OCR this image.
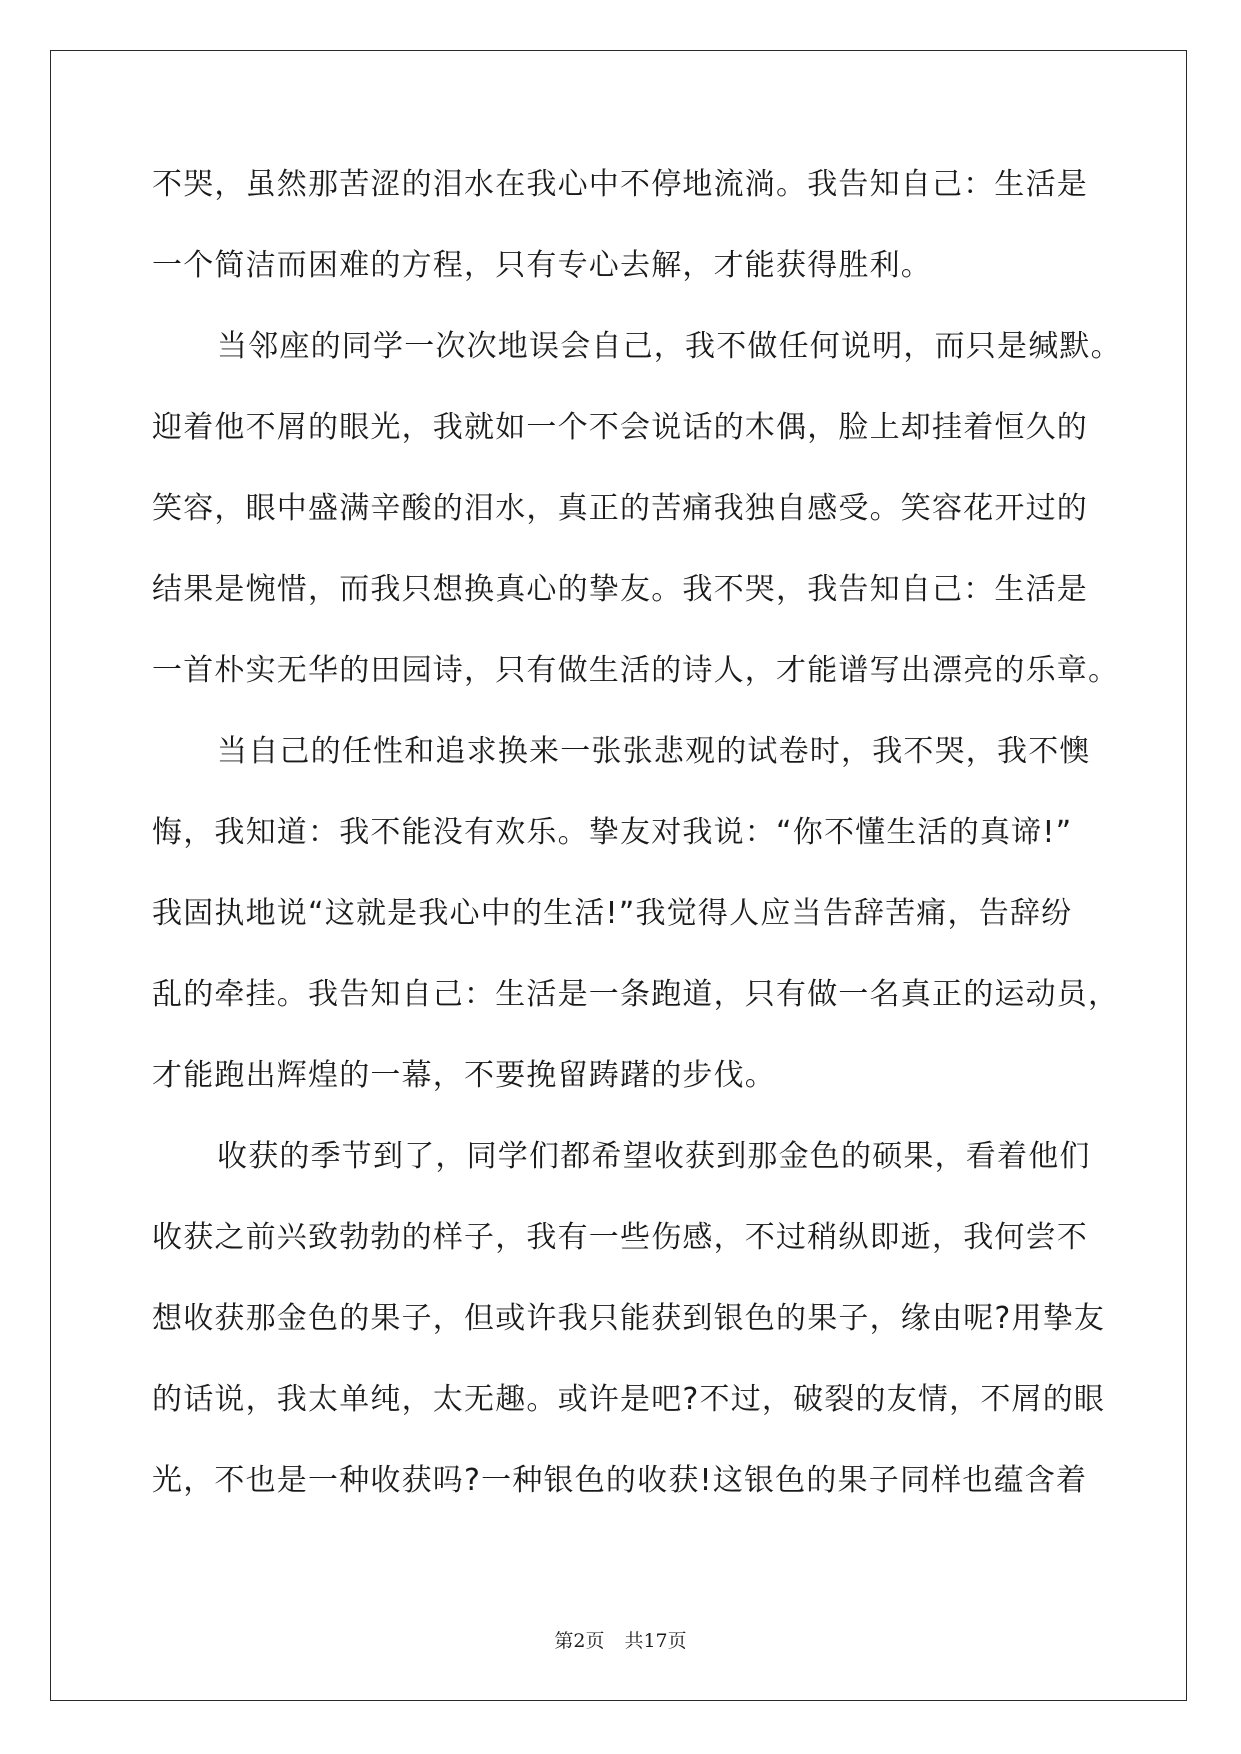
不哭，虽然那苦涩的泪水在我心中不停地流淌。我告知自己：生活是
一个简洁而困难的方程，只有专心去解，才能获得胜利。
当邻座的同学一次次地误会自己，我不做任何说明，而只是缄默。
迎着他不屑的眼光，我就如一个不会说话的木偶，脸上却挂着恒久的
笑容，眼中盛满辛酸的泪水，真正的苦痛我独自感受。笑容花开过的
结果是惋惜，而我只想换真心的挚友。我不哭，我告知自己：生活是
一首朴实无华的田园诗，只有做生活的诗人，才能谱写出漂亮的乐章。
当自己的任性和追求换来一张张悲观的试卷时，我不哭，我不懊
悔，我知道：我不能没有欢乐。挚友对我说：“你不懂生活的真谛!”
我固执地说“这就是我心中的生活!”我觉得人应当告辞苦痛，告辞纷
乱的牵挂。我告知自己：生活是一条跑道，只有做一名真正的运动员，
才能跑出辉煌的一幕，不要挽留踌躇的步伐。
收获的季节到了，同学们都希望收获到那金色的硕果，看着他们
收获之前兴致勃勃的样子，我有一些伤感，不过稍纵即逝，我何尝不
想收获那金色的果子，但或许我只能获到银色的果子，缘由呢?用挚友
的话说，我太单纯，太无趣。或许是吧?不过，破裂的友情，不屑的眼
光，不也是一种收获吗?一种银色的收获!这银色的果子同样也蕴含着
第2页 共17页
